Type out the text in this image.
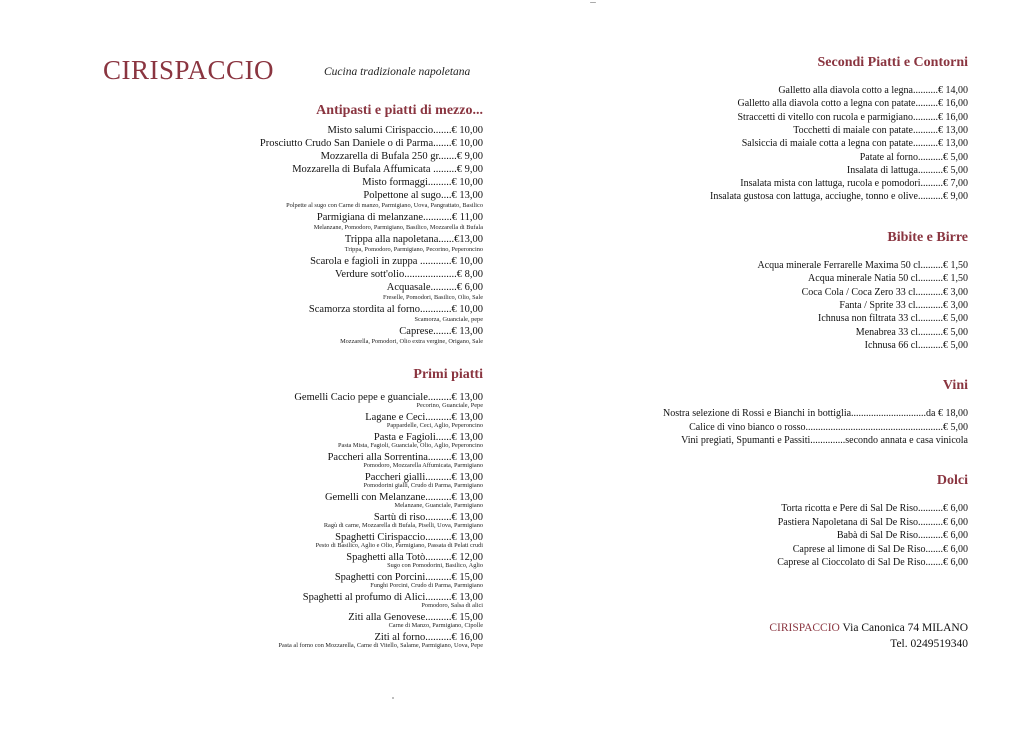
CIRISPACCIO	Cucina tradizionale napoletana
Antipasti e piatti di mezzo...
Misto salumi Cirispaccio.......€ 10,00
Prosciutto Crudo San Daniele o di Parma.......€ 10,00
Mozzarella di Bufala 250 gr.......€ 9,00
Mozzarella di Bufala Affumicata .........€ 9,00
Misto formaggi.........€ 10,00
Polpettone al sugo....€ 13,00
Polpette al sugo con Carne di manzo, Parmigiano, Uova, Pangrattato, Basilico
Parmigiana di melanzane...........€ 11,00
Melanzane, Pomodoro, Parmigiano, Basilico, Mozzarella di Bufala
Trippa alla napoletana......€13,00
Trippa, Pomodoro, Parmigiano, Pecorino, Peperoncino
Scarola e fagioli in zuppa ............€ 10,00
Verdure sott'olio....................€ 8,00
Acquasale..........€ 6,00
Freselle, Pomodori, Basilico, Olio, Sale
Scamorza stordita al forno............€ 10,00
Scamorza, Guanciale, pepe
Caprese.......€ 13,00
Mozzarella, Pomodori, Olio extra vergine, Origano, Sale
Primi piatti
Gemelli Cacio pepe e guanciale.........€ 13,00
Pecorino, Guanciale, Pepe
Lagane e Ceci..........€ 13,00
Pappardelle, Ceci, Aglio, Peperoncino
Pasta e Fagioli......€ 13,00
Pasta Mista, Fagioli, Guanciale, Olio, Aglio, Peperoncino
Paccheri alla Sorrentina.........€ 13,00
Pomodoro, Mozzarella Affumicata, Parmigiano
Paccheri gialli..........€ 13,00
Pomodorini gialli, Crudo di Parma, Parmigiano
Gemelli con Melanzane..........€ 13,00
Melanzane, Guanciale, Parmigiano
Sartù di riso..........€ 13,00
Ragù di carne, Mozzarella di Bufala, Piselli, Uova, Parmigiano
Spaghetti Cirispaccio..........€ 13,00
Pesto di Basilico, Aglio e Olio, Parmigiano, Passata di Pelati crudi
Spaghetti alla Totò..........€ 12,00
Sugo con Pomodorini, Basilico, Aglio
Spaghetti con Porcini..........€ 15,00
Funghi Porcini, Crudo di Parma, Parmigiano
Spaghetti al profumo di Alici..........€ 13,00
Pomodoro, Salsa di alici
Ziti alla Genovese..........€ 15,00
Carne di Manzo, Parmigiano, Cipolle
Ziti al forno..........€ 16,00
Pasta al forno con Mozzarella, Carne di Vitello, Salame, Parmigiano, Uova, Pepe
Secondi Piatti e Contorni
Galletto alla diavola cotto a legna..........€ 14,00
Galletto alla diavola cotto a legna con patate.........€ 16,00
Straccetti di vitello con rucola e parmigiano..........€ 16,00
Tocchetti di maiale con patate..........€ 13,00
Salsiccia di maiale cotta a legna con patate..........€ 13,00
Patate al forno..........€ 5,00
Insalata di lattuga..........€ 5,00
Insalata mista con lattuga, rucola e pomodori.........€ 7,00
Insalata gustosa con lattuga, acciughe, tonno e olive..........€ 9,00
Bibite e Birre
Acqua minerale Ferrarelle Maxima 50 cl.........€ 1,50
Acqua minerale Natia 50 cl..........€ 1,50
Coca Cola / Coca Zero 33 cl...........€ 3,00
Fanta / Sprite 33 cl...........€ 3,00
Ichnusa non filtrata 33 cl..........€ 5,00
Menabrea 33 cl..........€ 5,00
Ichnusa 66 cl..........€ 5,00
Vini
Nostra selezione di Rossi e Bianchi in bottiglia..............................da € 18,00
Calice di vino bianco o rosso.......................................................€ 5,00
Vini pregiati, Spumanti e Passiti..............secondo annata e casa vinicola
Dolci
Torta ricotta e Pere di Sal De Riso..........€ 6,00
Pastiera Napoletana di Sal De Riso..........€ 6,00
Babà di Sal De Riso..........€ 6,00
Caprese al limone di Sal De Riso.......€ 6,00
Caprese al Cioccolato di Sal De Riso.......€ 6,00
CIRISPACCIO Via Canonica 74 MILANO
Tel. 0249519340
